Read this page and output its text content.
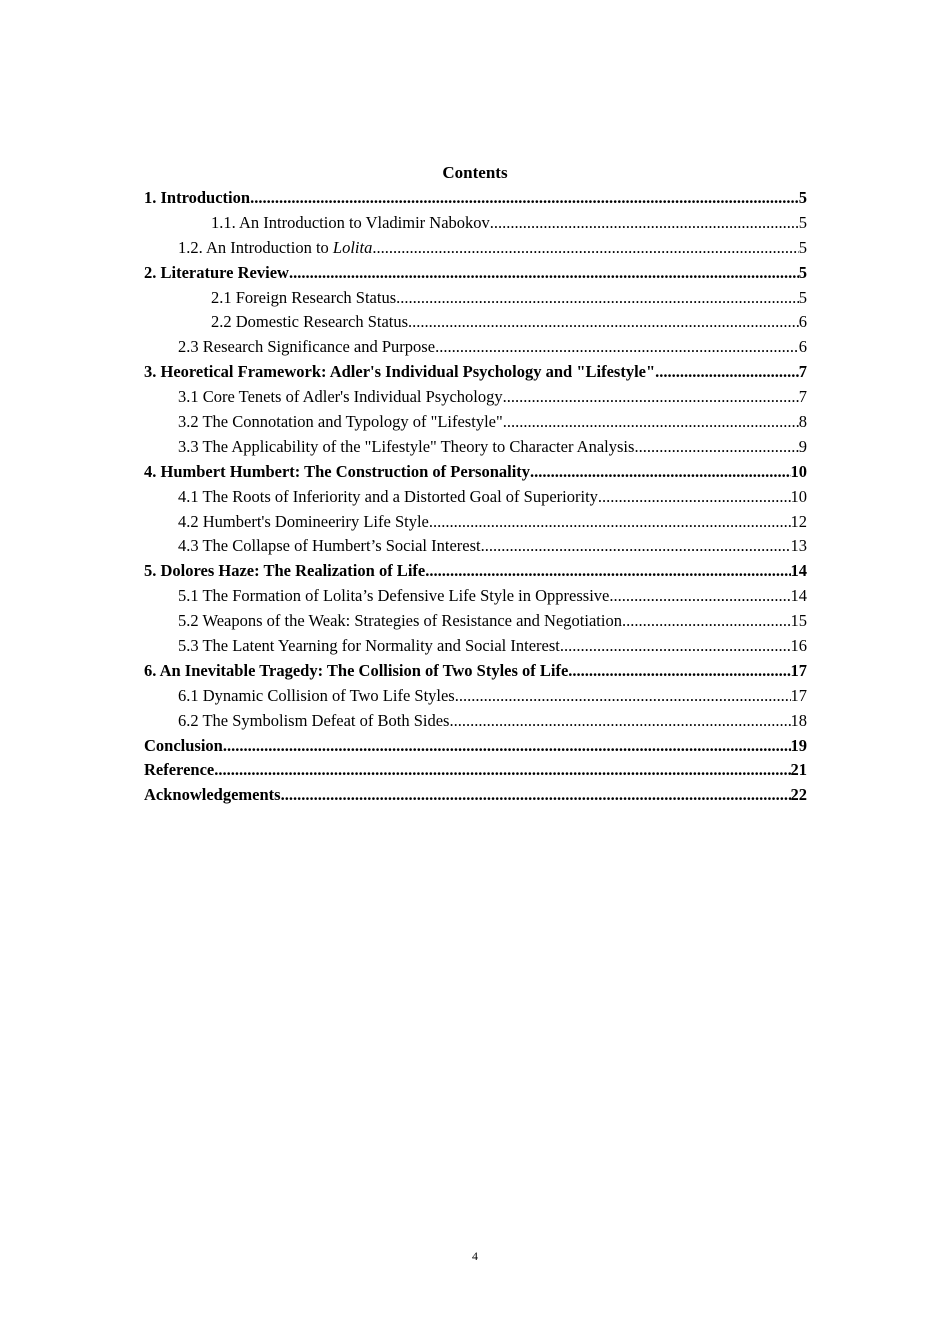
Contents
1. Introduction .....	5
1.1. An Introduction to Vladimir Nabokov .....	5
1.2. An Introduction to Lolita .....	5
2. Literature Review .....	5
2.1 Foreign Research Status .....	5
2.2 Domestic Research Status .....	6
2.3 Research Significance and Purpose .....	6
3. Heoretical Framework: Adler's Individual Psychology and "Lifestyle" .....	7
3.1 Core Tenets of Adler's Individual Psychology .....	7
3.2 The Connotation and Typology of "Lifestyle" .....	8
3.3 The Applicability of the "Lifestyle" Theory to Character Analysis .....	9
4. Humbert Humbert: The Construction of Personality .....	10
4.1 The Roots of Inferiority and a Distorted Goal of Superiority .....	10
4.2 Humbert's Domineeriry Life Style .....	12
4.3 The Collapse of Humbert’s Social Interest .....	13
5. Dolores Haze: The Realization of Life .....	14
5.1 The Formation of Lolita’s Defensive Life Style in Oppressive .....	14
5.2 Weapons of the Weak: Strategies of Resistance and Negotiation .....	15
5.3 The Latent Yearning for Normality and Social Interest .....	16
6. An Inevitable Tragedy: The Collision of Two Styles of Life .....	17
6.1 Dynamic Collision of Two Life Styles .....	17
6.2 The Symbolism Defeat of Both Sides .....	18
Conclusion .....	19
Reference .....	21
Acknowledgements .....	22
4
